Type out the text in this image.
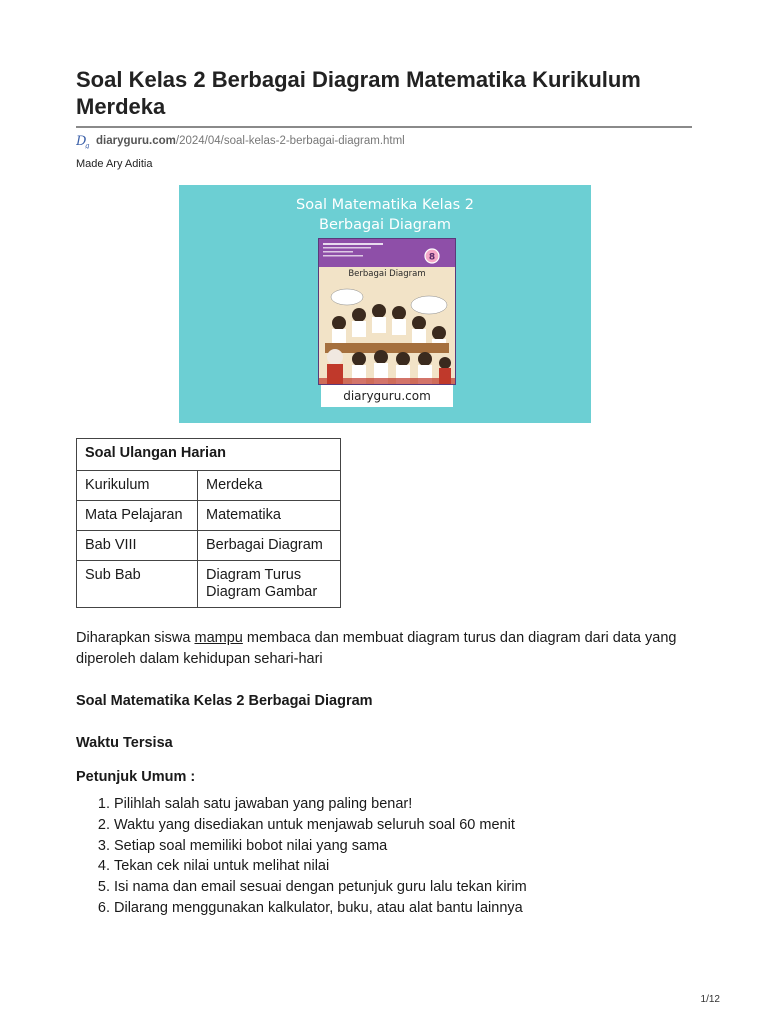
Soal Kelas 2 Berbagai Diagram Matematika Kurikulum Merdeka
D
g diaryguru.com /2024/04/soal-kelas-2-berbagai-diagram.html
Made Ary Aditia
Soal Matematika Kelas 2
Berbagai Diagram
8
Berbagai Diagram
diaryguru.com
Soal Ulangan Harian	
Kurikulum	Merdeka
Mata Pelajaran	Matematika
Bab VIII	Berbagai Diagram
Sub Bab	Diagram Turus
Diagram Gambar
Diharapkan siswa mampu membaca dan membuat diagram turus dan diagram dari data yang diperoleh dalam kehidupan sehari-hari
Soal Matematika Kelas 2 Berbagai Diagram
Waktu Tersisa
Petunjuk Umum :
1. Pilihlah salah satu jawaban yang paling benar!
2. Waktu yang disediakan untuk menjawab seluruh soal 60 menit
3. Setiap soal memiliki bobot nilai yang sama
4. Tekan cek nilai untuk melihat nilai
5. Isi nama dan email sesuai dengan petunjuk guru lalu tekan kirim
6. Dilarang menggunakan kalkulator, buku, atau alat bantu lainnya
1/12
